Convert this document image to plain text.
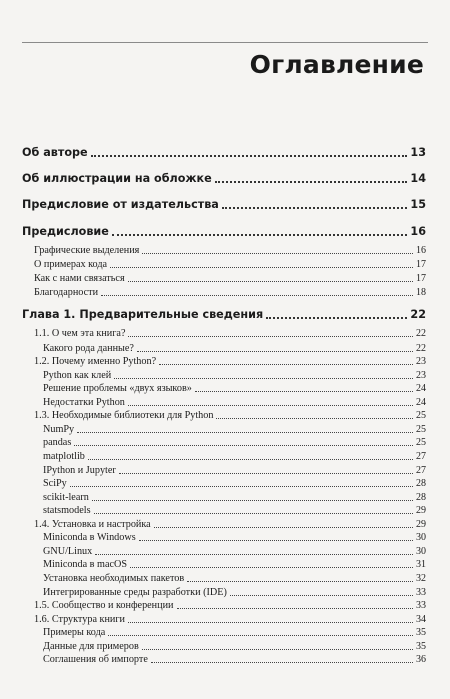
Оглавление
Об авторе	13
Об иллюстрации на обложке	14
Предисловие от издательства	15
Предисловие	16
Графические выделения	16
О примерах кода	17
Как с нами связаться	17
Благодарности	18
Глава 1. Предварительные сведения	22
1.1. О чем эта книга?	22
Какого рода данные?	22
1.2. Почему именно Python?	23
Python как клей	23
Решение проблемы «двух языков»	24
Недостатки Python	24
1.3. Необходимые библиотеки для Python	25
NumPy	25
pandas	25
matplotlib	27
IPython и Jupyter	27
SciPy	28
scikit-learn	28
statsmodels	29
1.4. Установка и настройка	29
Miniconda в Windows	30
GNU/Linux	30
Miniconda в macOS	31
Установка необходимых пакетов	32
Интегрированные среды разработки (IDE)	33
1.5. Сообщество и конференции	33
1.6. Структура книги	34
Примеры кода	35
Данные для примеров	35
Соглашения об импорте	36
